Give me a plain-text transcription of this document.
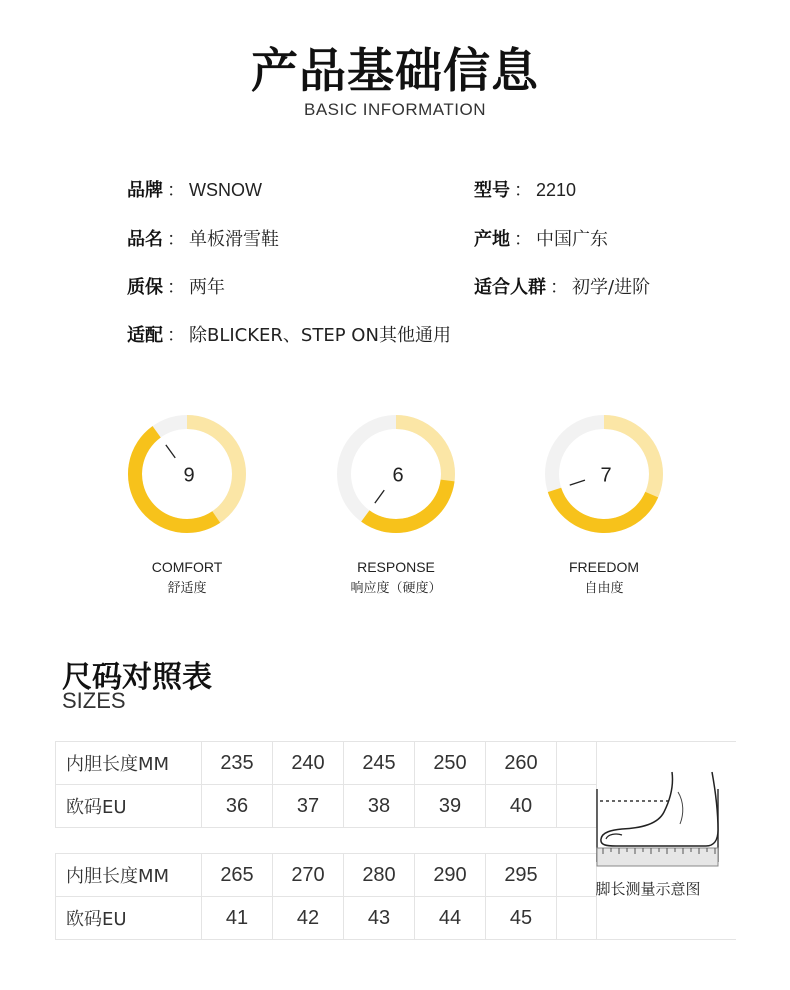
产品基础信息
BASIC INFORMATION
品牌 ： WSNOW	型号 ： 2210
品名 ： 单板滑雪鞋	产地 ： 中国广东
质保 ： 两年	适合人群 ： 初学/进阶
适配 ： 除BLICKER、STEP ON其他通用
9
COMFORT
舒适度
6
RESPONSE
响应度（硬度）
7
FREEDOM
自由度
尺码对照表
SIZES
内胆长度MM	235	240	245	250	260	
欧码EU	36	37	38	39	40	
内胆长度MM	265	270	280	290	295	
欧码EU	41	42	43	44	45	
脚长测量示意图
